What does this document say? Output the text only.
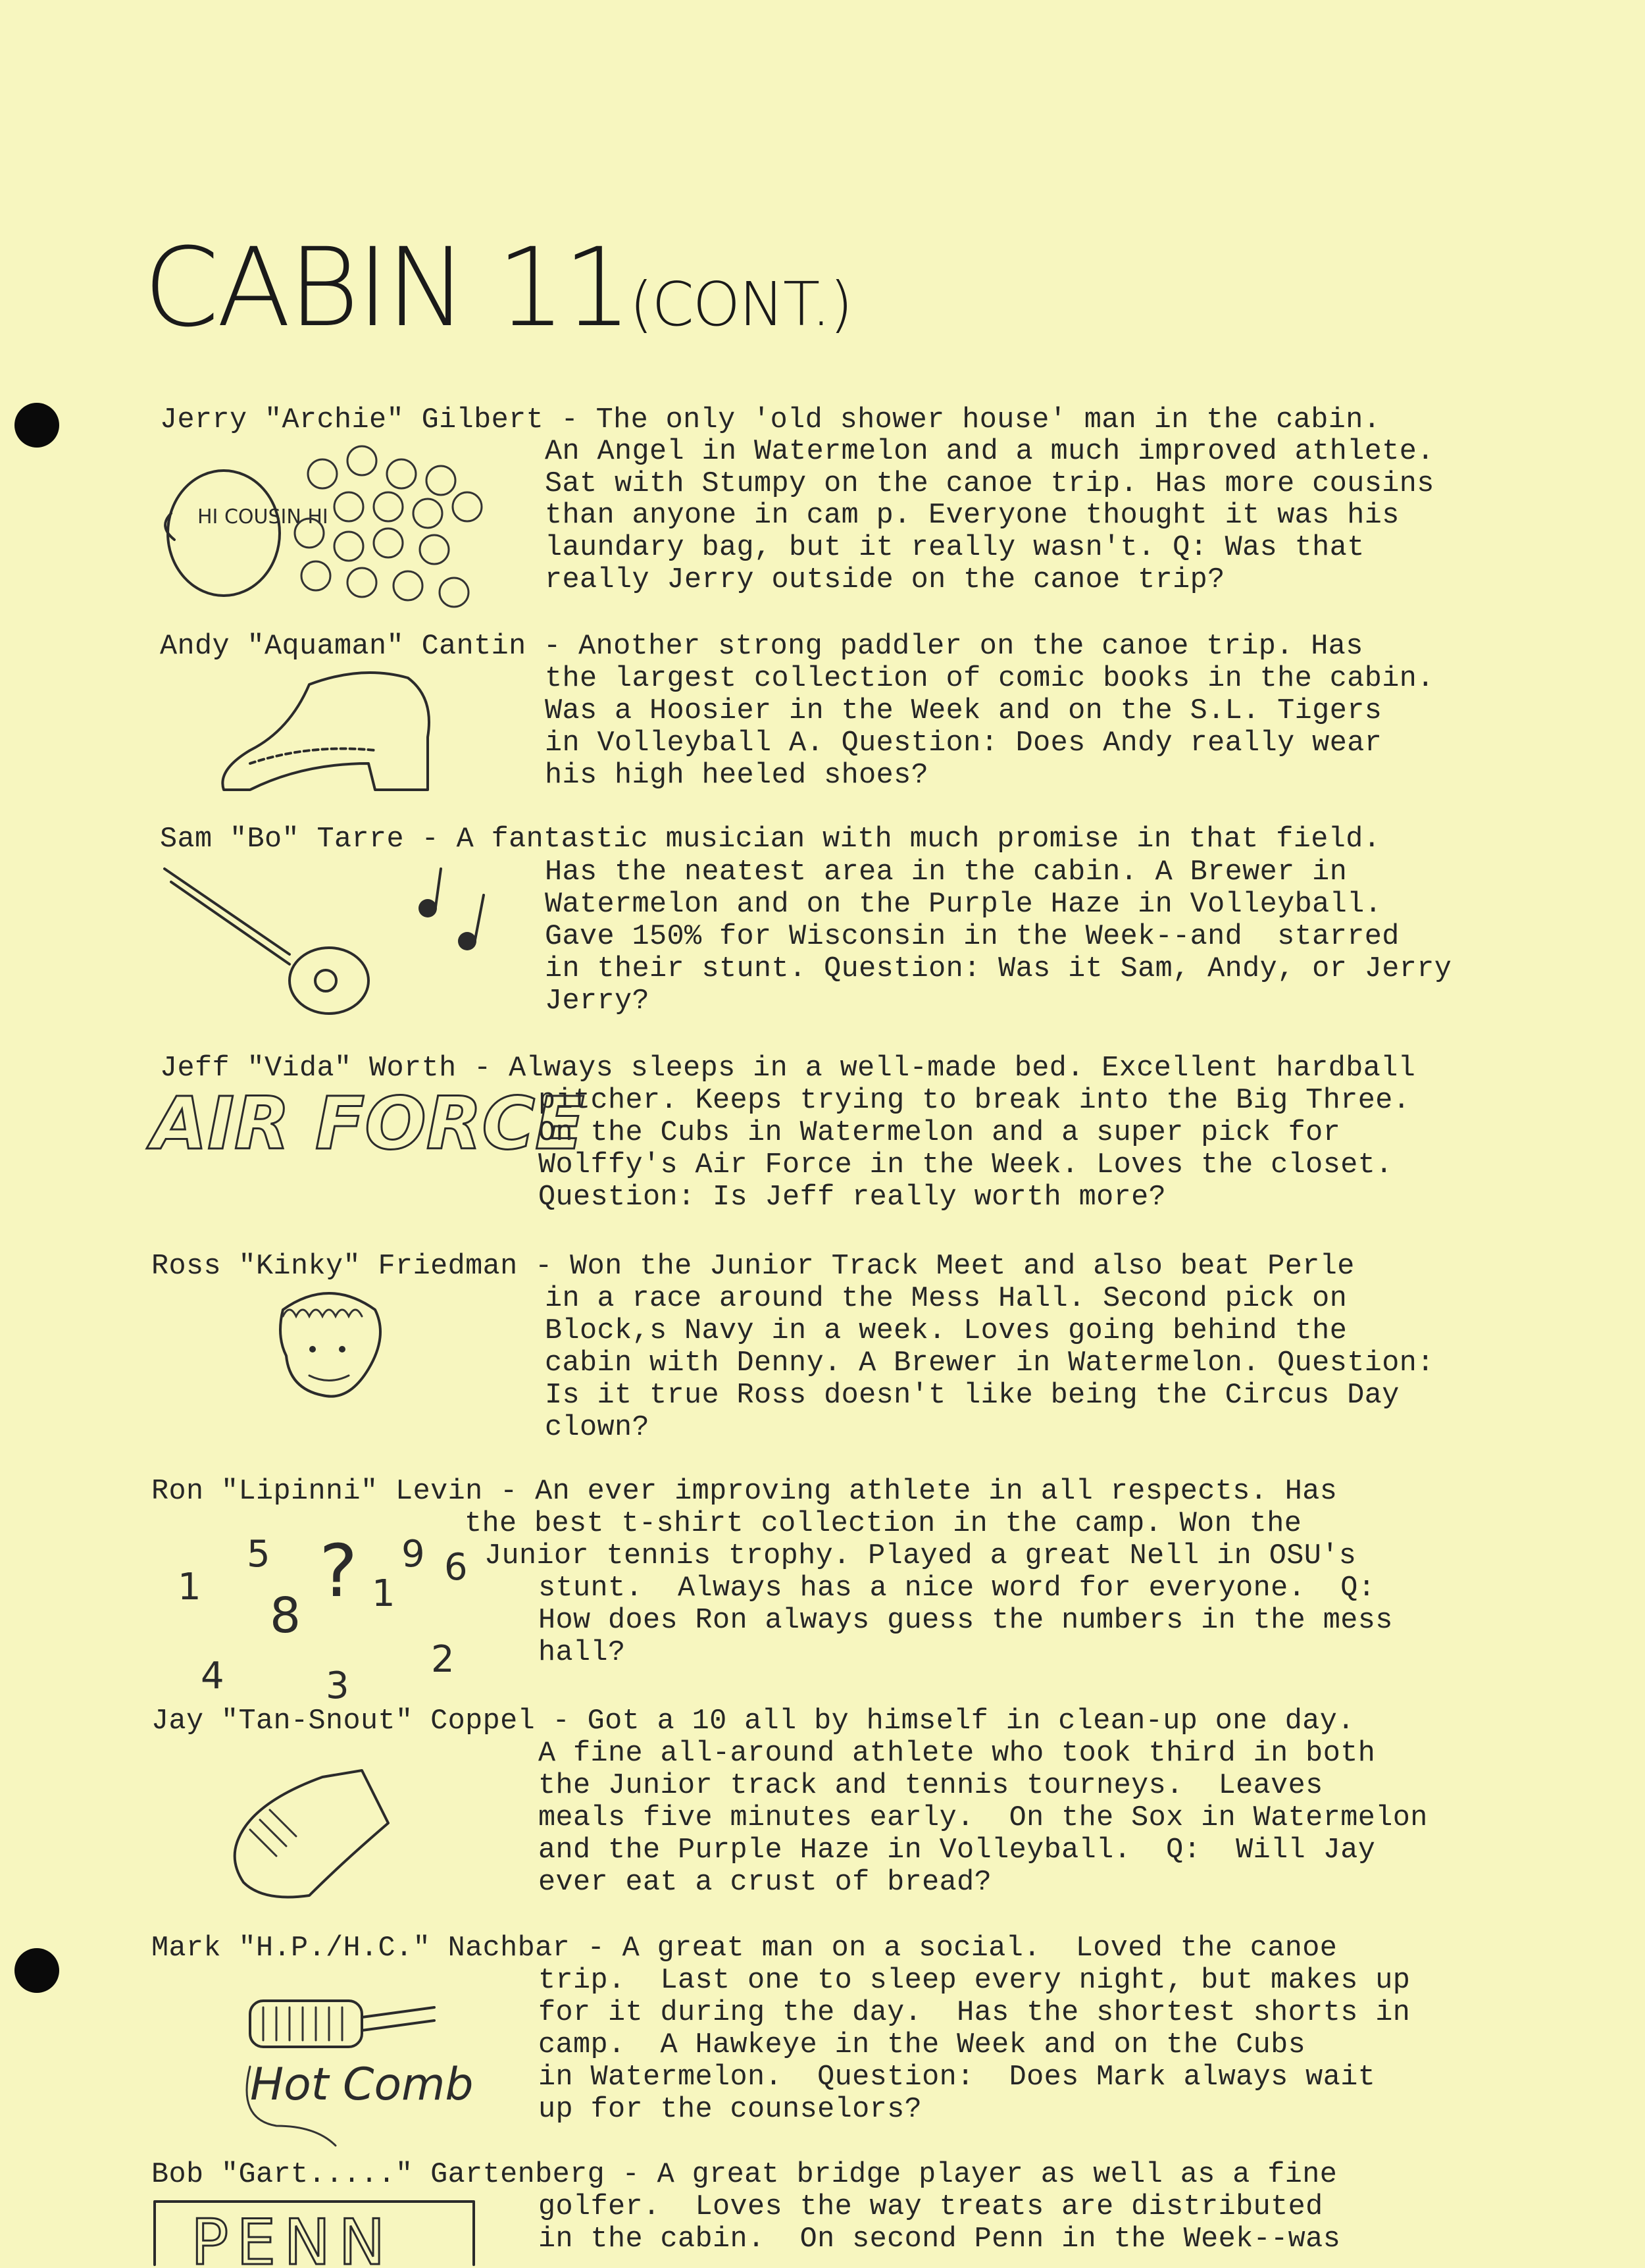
CABIN 11(CONT.)
Jerry "Archie" Gilbert - The only 'old shower house' man in the cabin.
An Angel in Watermelon and a much improved athlete.
Sat with Stumpy on the canoe trip. Has more cousins
than anyone in cam p. Everyone thought it was his
laundary bag, but it really wasn't. Q: Was that
really Jerry outside on the canoe trip?
HI COUSIN HI
Andy "Aquaman" Cantin - Another strong paddler on the canoe trip. Has
the largest collection of comic books in the cabin.
Was a Hoosier in the Week and on the S.L. Tigers
in Volleyball A. Question: Does Andy really wear
his high heeled shoes?
Sam "Bo" Tarre - A fantastic musician with much promise in that field.
Has the neatest area in the cabin. A Brewer in
Watermelon and on the Purple Haze in Volleyball.
Gave 150% for Wisconsin in the Week--and  starred
in their stunt. Question: Was it Sam, Andy, or Jerry
Jerry?
Jeff "Vida" Worth - Always sleeps in a well-made bed. Excellent hardball
pitcher. Keeps trying to break into the Big Three.
On the Cubs in Watermelon and a super pick for
Wolffy's Air Force in the Week. Loves the closet.
Question: Is Jeff really worth more?
AIR FORCE
Ross "Kinky" Friedman - Won the Junior Track Meet and also beat Perle
in a race around the Mess Hall. Second pick on
Block,s Navy in a week. Loves going behind the
cabin with Denny. A Brewer in Watermelon. Question:
Is it true Ross doesn't like being the Circus Day
clown?
Ron "Lipinni" Levin - An ever improving athlete in all respects. Has
the best t-shirt collection in the camp. Won the
Junior tennis trophy. Played a great Nell in OSU's
stunt.  Always has a nice word for everyone.  Q:
How does Ron always guess the numbers in the mess
hall?
1
5
8
? 1
9 6
4	3
2
Jay "Tan-Snout" Coppel - Got a 10 all by himself in clean-up one day.
A fine all-around athlete who took third in both
the Junior track and tennis tourneys.  Leaves
meals five minutes early.  On the Sox in Watermelon
and the Purple Haze in Volleyball.  Q:  Will Jay
ever eat a crust of bread?
Mark "H.P./H.C." Nachbar - A great man on a social.  Loved the canoe
trip.  Last one to sleep every night, but makes up
for it during the day.  Has the shortest shorts in
camp.  A Hawkeye in the Week and on the Cubs
in Watermelon.  Question:  Does Mark always wait
up for the counselors?
Hot Comb
Bob "Gart....." Gartenberg - A great bridge player as well as a fine
golfer.  Loves the way treats are distributed
in the cabin.  On second Penn in the Week--was
PENN
